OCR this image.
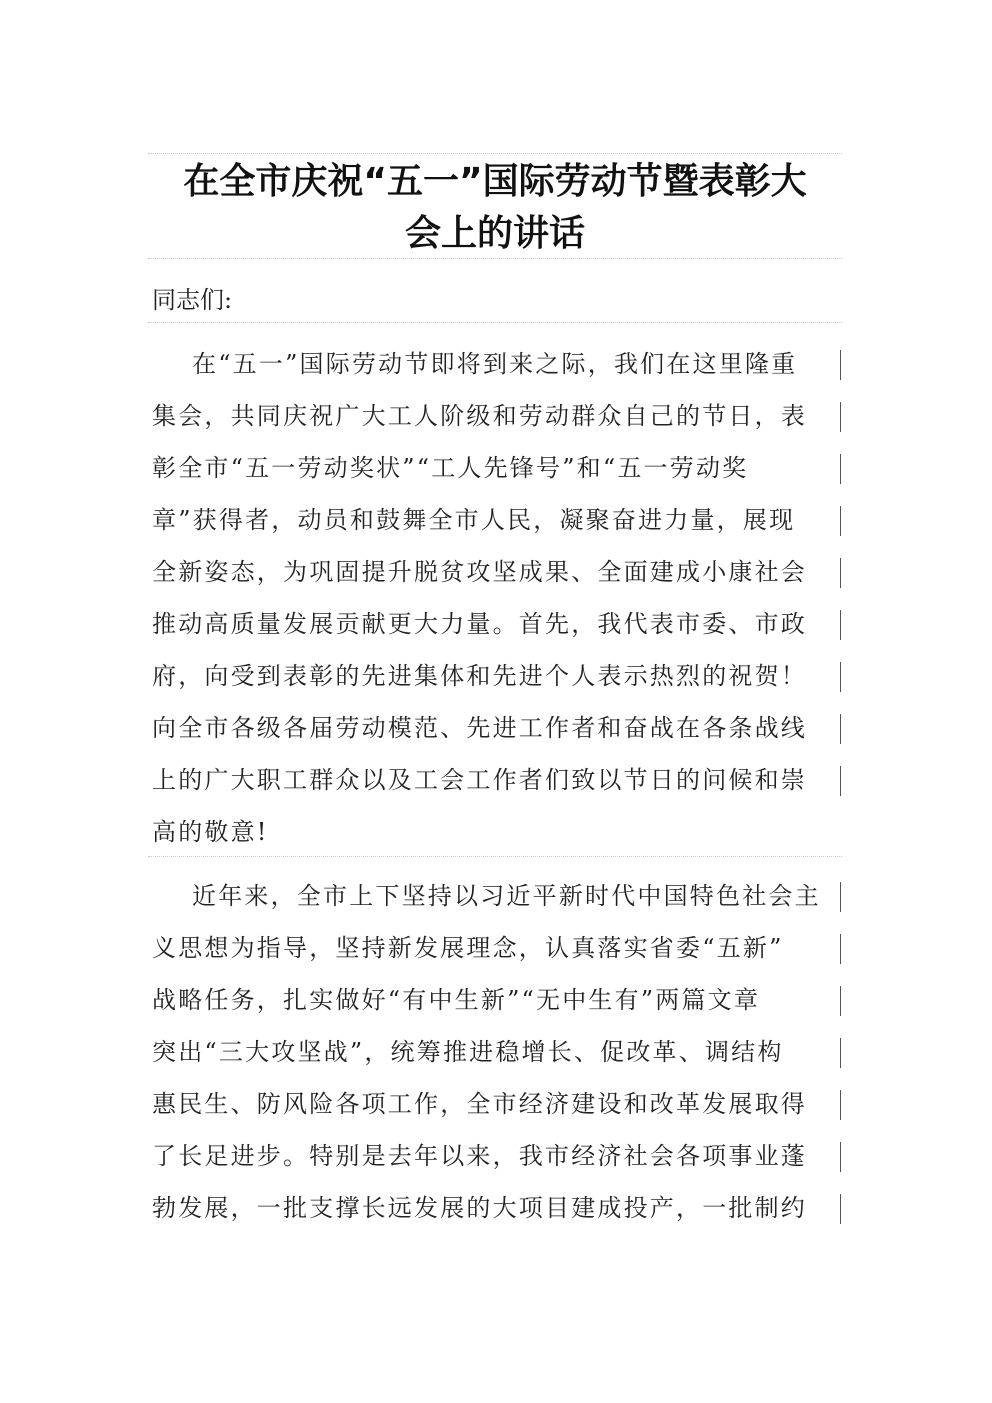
在全市庆祝“五一”国际劳动节暨表彰大
会上的讲话
同志们:
在“五一”国际劳动节即将到来之际，我们在这里隆重
集会，共同庆祝广大工人阶级和劳动群众自己的节日，表
彰全市“五一劳动奖状”“工人先锋号”和“五一劳动奖
章”获得者，动员和鼓舞全市人民，凝聚奋进力量，展现
全新姿态，为巩固提升脱贫攻坚成果、全面建成小康社会
推动高质量发展贡献更大力量。首先，我代表市委、市政
府，向受到表彰的先进集体和先进个人表示热烈的祝贺！
向全市各级各届劳动模范、先进工作者和奋战在各条战线
上的广大职工群众以及工会工作者们致以节日的问候和崇
高的敬意!
近年来，全市上下坚持以习近平新时代中国特色社会主
义思想为指导，坚持新发展理念，认真落实省委“五新”
战略任务，扎实做好“有中生新”“无中生有”两篇文章
突出“三大攻坚战”，统筹推进稳增长、促改革、调结构
惠民生、防风险各项工作，全市经济建设和改革发展取得
了长足进步。特别是去年以来，我市经济社会各项事业蓬
勃发展，一批支撑长远发展的大项目建成投产，一批制约
